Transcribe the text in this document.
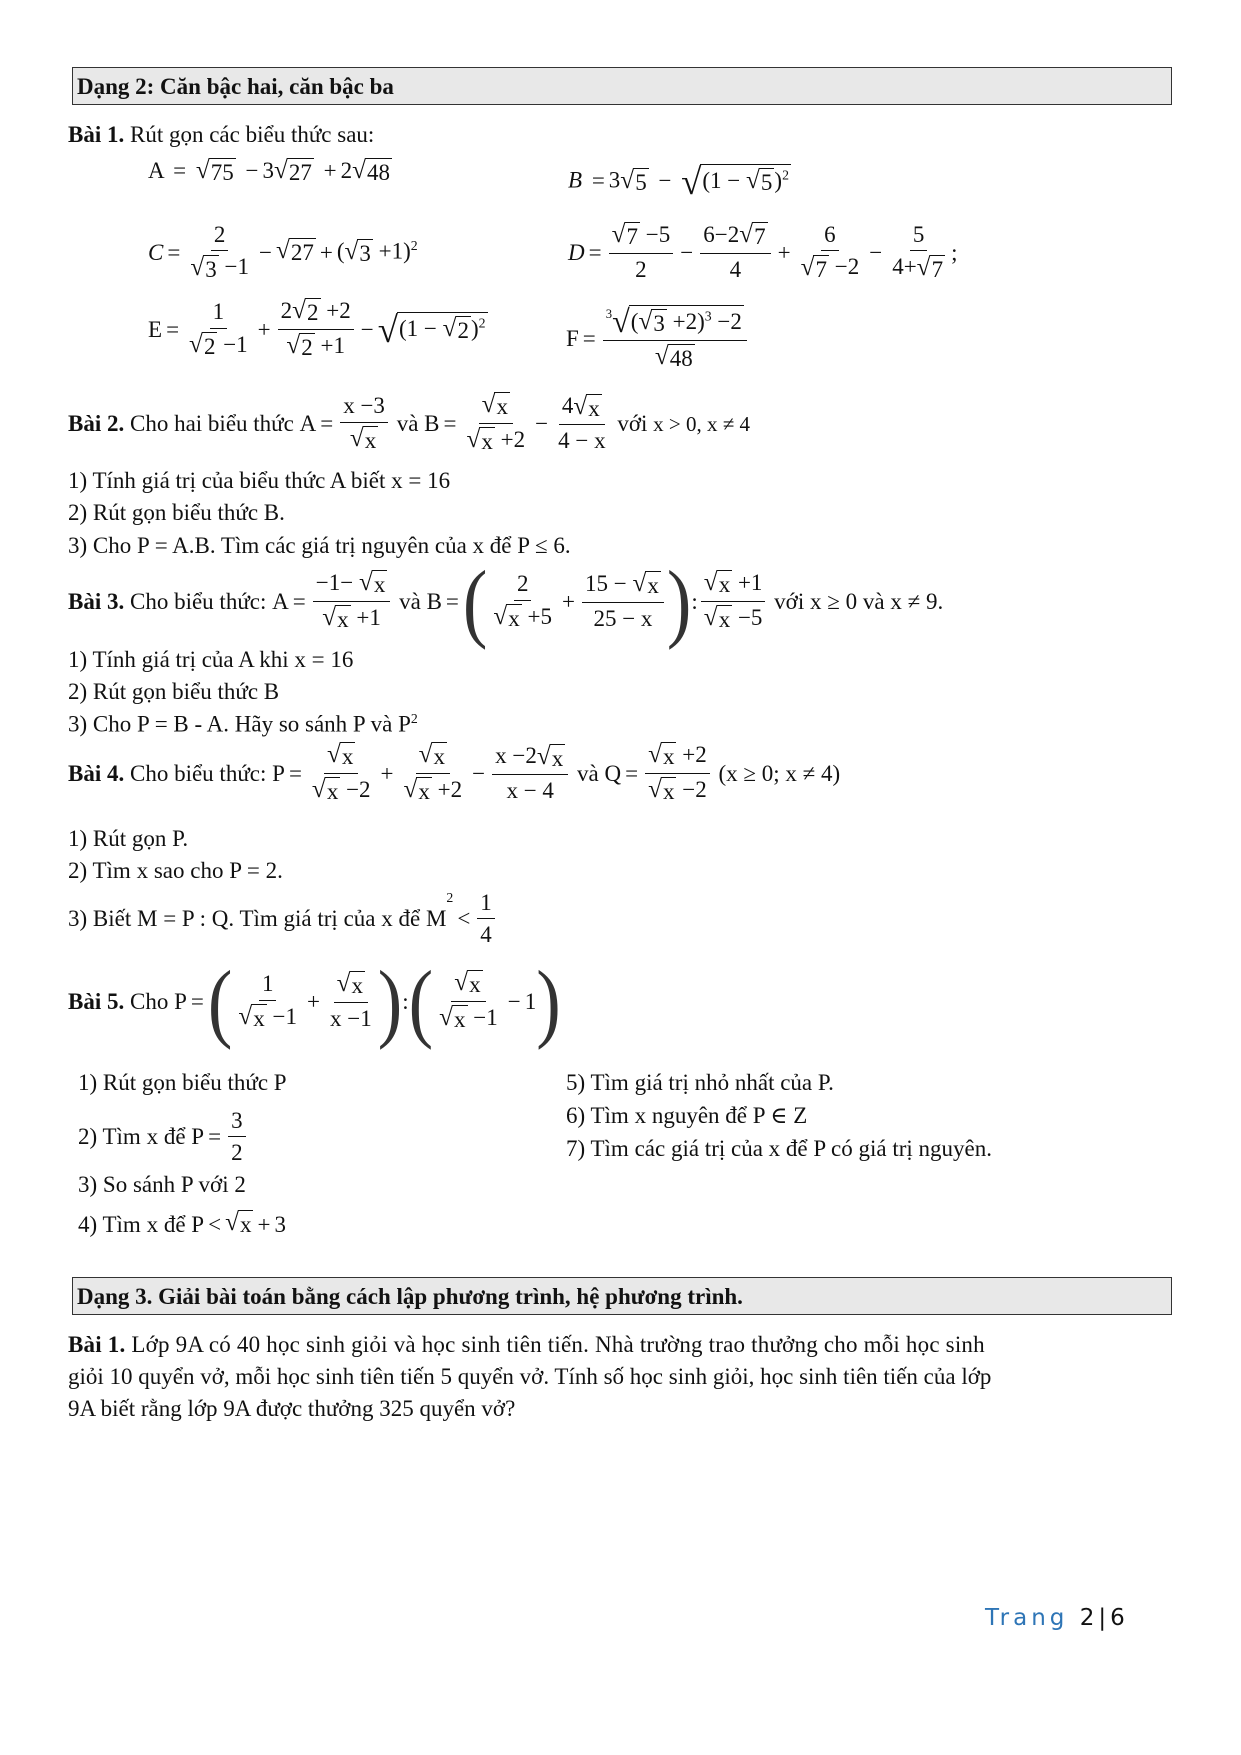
Dạng 2: Căn bậc hai, căn bậc ba
Bài 1. Rút gọn các biểu thức sau:
A = √ 75 − 3 √ 27 + 2 √ 48	B = 3 √ 5 − √ (1 − √ 5 )$^2$
$C = \frac{2}{√ 3 -1}$ − √ 27 + ( √ 3 +1)$^2$	$D = \frac{√ 7 -5}{2} - \frac{6-2 √ 7}{4} + \frac{6}{√ 7 -2} - \frac{5}{4+ √ 7}$ ;
$E = \frac{1}{√ 2 -1} + \frac{2 √ 2 +2}{√ 2 +1}$ − √ (1 − √ 2 )$^2$
$F = \frac{^3 √ ( √ 3 +2)^3 -2}{√ 48}$
Bài 2.
Cho hai biểu thức $A = \frac{x -3}{√ x}$
và $B = \frac{√ x}{√ x +2} - \frac{4 √ x}{4 - x}$
với
x > 0, x ≠ 4
1) Tính giá trị của biểu thức A biết x = 16
2) Rút gọn biểu thức B.
3) Cho P = A.B. Tìm các giá trị nguyên của x để P ≤ 6.
Bài 3.
Cho biểu thức: $A = \frac{-1- √ x}{√ x +1}$
và B = ( $\frac{2}{√ x +5} + \frac{15 - √ x}{25 - x}$ ) : $\frac{√ x +1}{√ x -5}$
với
x ≥ 0
và
x ≠ 9.
1) Tính giá trị của A khi x = 16
2) Rút gọn biểu thức B
3) Cho P = B - A. Hãy so sánh P và $P^2$
Bài 4.
Cho biểu thức: $P = \frac{√ x}{√ x -2} + \frac{√ x}{√ x +2} - \frac{x -2 √ x}{x - 4}$
và $Q = \frac{√ x +2}{√ x -2}$
(x ≥ 0; x ≠ 4)
1) Rút gọn P.
2) Tìm x sao cho P = 2.
3) Biết
M = P : Q . Tìm giá trị của x để
M
2
< $\frac{1}{4}$
Bài 5.
Cho P = ( $\frac{1}{√ x -1} + \frac{√ x}{x -1}$ ) : ( $\frac{√ x}{√ x -1} - 1$ )
1) Rút gọn biểu thức P
2) Tìm x để $P = \frac{3}{2}$
3) So sánh P với 2
4) Tìm x để P < √ x + 3
5) Tìm giá trị nhỏ nhất của P.
6) Tìm x nguyên để P ∈ Z
7) Tìm các giá trị của x để P có giá trị nguyên.
Dạng 3. Giải bài toán bằng cách lập phương trình, hệ phương trình.
Bài 1. Lớp 9A có 40 học sinh giỏi và học sinh tiên tiến. Nhà trường trao thưởng cho mỗi học sinh
giỏi 10 quyển vở, mỗi học sinh tiên tiến 5 quyển vở. Tính số học sinh giỏi, học sinh tiên tiến của lớp
9A biết rằng lớp 9A được thưởng 325 quyển vở?
Trang 2 | 6
